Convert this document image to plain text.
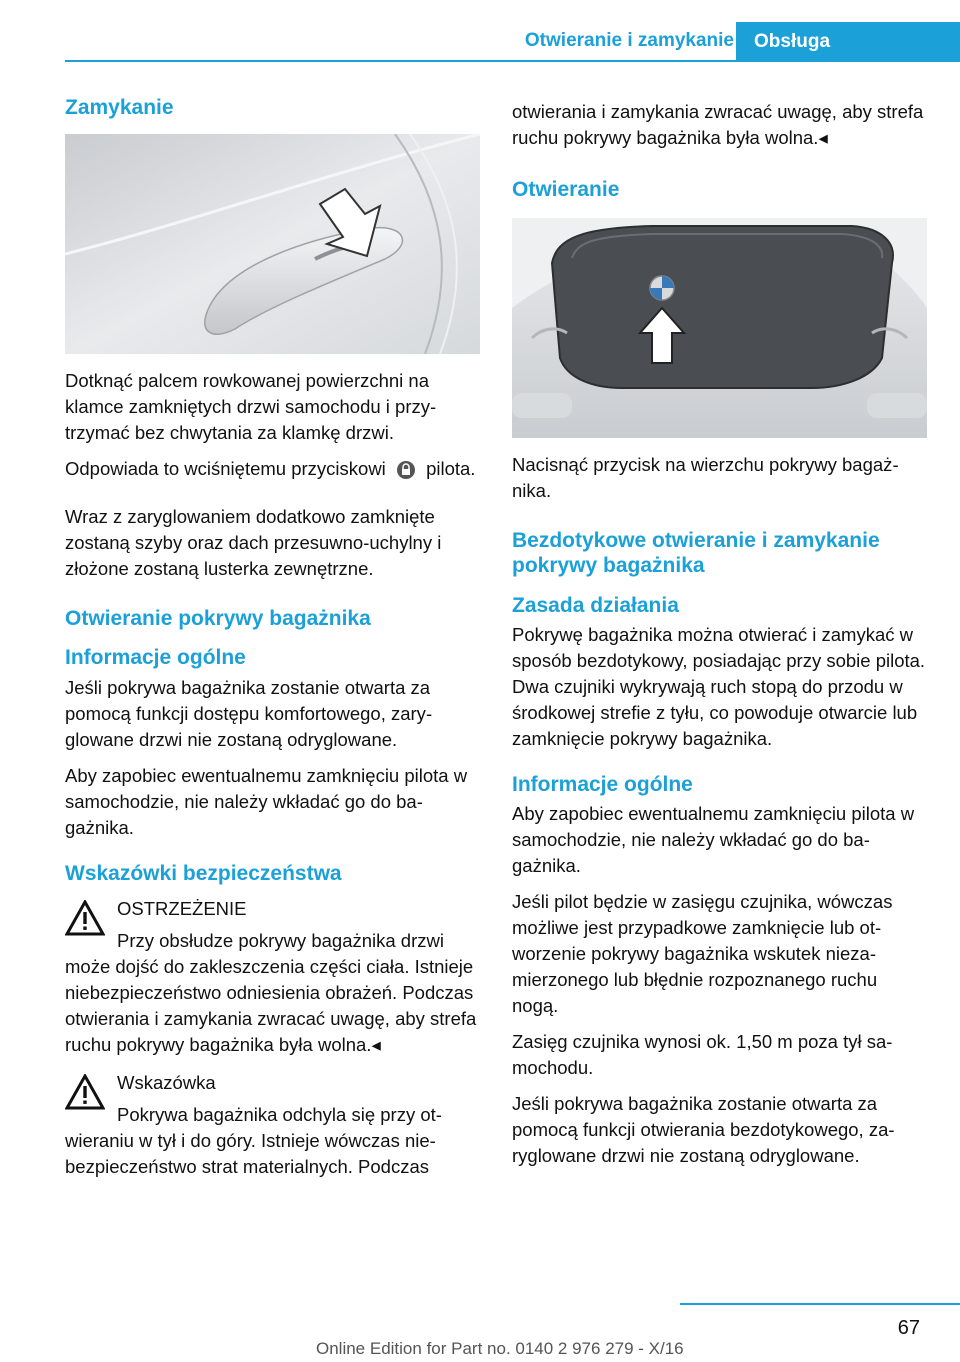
Otwieranie i zamykanie	Obsługa
Zamykanie

Dotknąć palcem rowkowanej powierzchni na klamce zamkniętych drzwi samochodu i przytrzymać bez chwytania za klamkę drzwi.

Odpowiada to wciśniętemu przyciskowi pilota.

Wraz z zaryglowaniem dodatkowo zamknięte zostaną szyby oraz dach przesuwno-uchylny i złożone zostaną lusterka zewnętrzne.

Otwieranie pokrywy bagażnika
Informacje ogólne

Jeśli pokrywa bagażnika zostanie otwarta za pomocą funkcji dostępu komfortowego, zaryglowane drzwi nie zostaną odryglowane.

Aby zapobiec ewentualnemu zamknięciu pilota w samochodzie, nie należy wkładać go do bagażnika.

Wskazówki bezpieczeństwa

OSTRZEŻENIE

Przy obsłudze pokrywy bagażnika drzwi może dojść do zakleszczenia części ciała. Istnieje niebezpieczeństwo odniesienia obrażeń. Podczas otwierania i zamykania zwracać uwagę, aby strefa ruchu pokrywy bagażnika była wolna.◂

Wskazówka

Pokrywa bagażnika odchyla się przy otwieraniu w tył i do góry. Istnieje wówczas niebezpieczeństwo strat materialnych. Podczas

otwierania i zamykania zwracać uwagę, aby strefa ruchu pokrywy bagażnika była wolna.◂

Otwieranie

Nacisnąć przycisk na wierzchu pokrywy bagażnika.

Bezdotykowe otwieranie i zamykanie pokrywy bagażnika
Zasada działania

Pokrywę bagażnika można otwierać i zamykać w sposób bezdotykowy, posiadając przy sobie pilota. Dwa czujniki wykrywają ruch stopą do przodu w środkowej strefie z tyłu, co powoduje otwarcie lub zamknięcie pokrywy bagażnika.

Informacje ogólne

Aby zapobiec ewentualnemu zamknięciu pilota w samochodzie, nie należy wkładać go do bagażnika.

Jeśli pilot będzie w zasięgu czujnika, wówczas możliwe jest przypadkowe zamknięcie lub otworzenie pokrywy bagażnika wskutek niezamierzonego lub błędnie rozpoznanego ruchu nogą.

Zasięg czujnika wynosi ok. 1,50 m poza tył samochodu.

Jeśli pokrywa bagażnika zostanie otwarta za pomocą funkcji otwierania bezdotykowego, zaryglowane drzwi nie zostaną odryglowane.

67
Online Edition for Part no. 0140 2 976 279 - X/16
